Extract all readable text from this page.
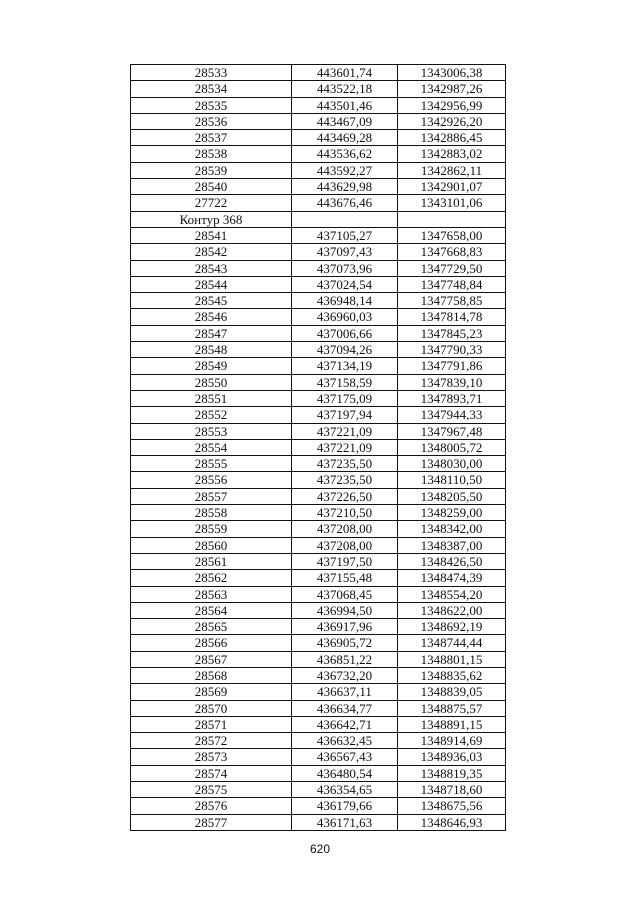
28533	443601,74	1343006,38
28534	443522,18	1342987,26
28535	443501,46	1342956,99
28536	443467,09	1342926,20
28537	443469,28	1342886,45
28538	443536,62	1342883,02
28539	443592,27	1342862,11
28540	443629,98	1342901,07
27722	443676,46	1343101,06
Контур 368		
28541	437105,27	1347658,00
28542	437097,43	1347668,83
28543	437073,96	1347729,50
28544	437024,54	1347748,84
28545	436948,14	1347758,85
28546	436960,03	1347814,78
28547	437006,66	1347845,23
28548	437094,26	1347790,33
28549	437134,19	1347791,86
28550	437158,59	1347839,10
28551	437175,09	1347893,71
28552	437197,94	1347944,33
28553	437221,09	1347967,48
28554	437221,09	1348005,72
28555	437235,50	1348030,00
28556	437235,50	1348110,50
28557	437226,50	1348205,50
28558	437210,50	1348259,00
28559	437208,00	1348342,00
28560	437208,00	1348387,00
28561	437197,50	1348426,50
28562	437155,48	1348474,39
28563	437068,45	1348554,20
28564	436994,50	1348622,00
28565	436917,96	1348692,19
28566	436905,72	1348744,44
28567	436851,22	1348801,15
28568	436732,20	1348835,62
28569	436637,11	1348839,05
28570	436634,77	1348875,57
28571	436642,71	1348891,15
28572	436632,45	1348914,69
28573	436567,43	1348936,03
28574	436480,54	1348819,35
28575	436354,65	1348718,60
28576	436179,66	1348675,56
28577	436171,63	1348646,93
620
